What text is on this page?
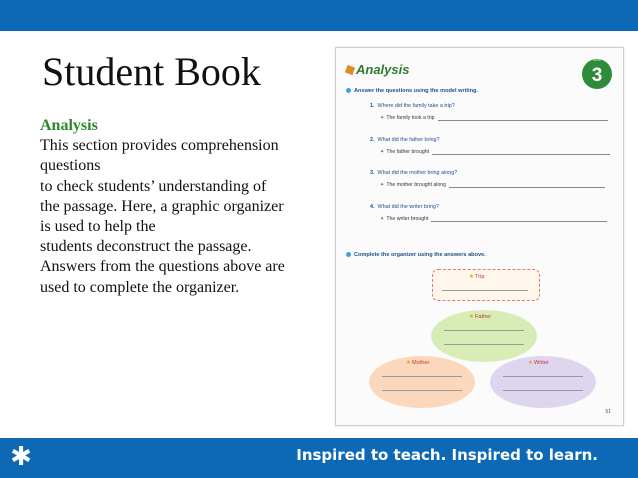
Student Book
Analysis
This section provides comprehension
questions
to check students’ understanding of
the passage. Here, a graphic organizer
is used to help the
students deconstruct the passage.
Answers from the questions above are
used to complete the organizer.
Analysis
Unit
3
Answer the questions using the model writing.
1. Where did the family take a trip?
✦ The family took a trip
2. What did the father bring?
✦ The father brought
3. What did the mother bring along?
✦ The mother brought along
4. What did the writer bring?
✦ The writer brought
Complete the organizer using the answers above.
★Trip
★Father
★Mother	★Writer
51
✱	Inspired to teach. Inspired to learn.
